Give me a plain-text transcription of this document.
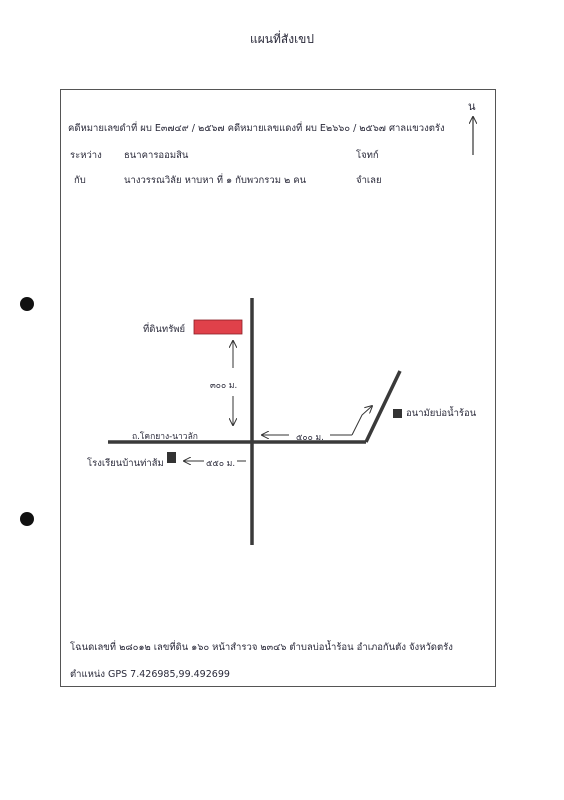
แผนที่สังเขป
คดีหมายเลขดำที่ ผบ E๓๗๔๙ / ๒๕๖๗ คดีหมายเลขแดงที่ ผบ E๒๖๖๐ / ๒๕๖๗ ศาลแขวงตรัง
ระหว่าง ธนาคารออมสิน	โจทก์
กับ	นางวรรณวิลัย หาบหา ที่ ๑ กับพวกรวม ๒ คน	จำเลย
น
ที่ดินทรัพย์
๓๐๐ ม.
๕๐๐ ม.
๕๕๐ ม.
ถ.โคกยาง-นาวลัก
อนามัยบ่อน้ำร้อน
โรงเรียนบ้านท่าส้ม
โฉนดเลขที่ ๒๘๐๑๒ เลขที่ดิน ๑๖๐ หน้าสำรวจ ๒๓๔๖ ตำบลบ่อน้ำร้อน อำเภอกันตัง จังหวัดตรัง
ตำแหน่ง GPS 7.426985,99.492699
